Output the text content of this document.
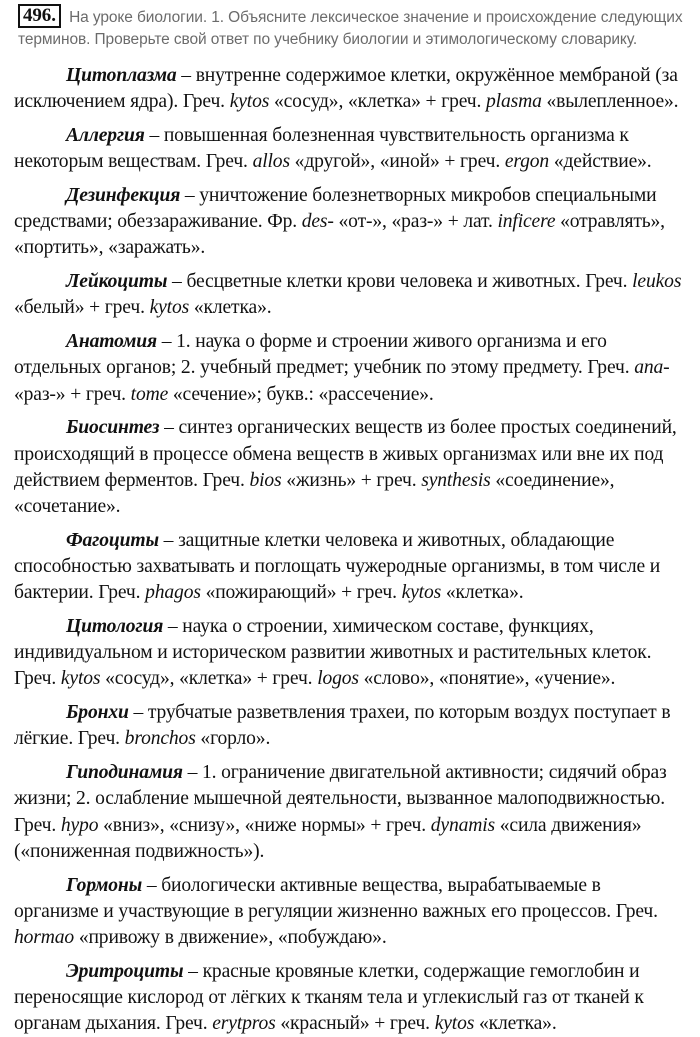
496. На уроке биологии. 1. Объясните лексическое значение и происхождение следующих терминов. Проверьте свой ответ по учебнику биологии и этимологическому словарику.

Цитоплазма – внутренне содержимое клетки, окружённое мембраной (за исключением ядра). Греч. kytos «сосуд», «клетка» + греч. plasma «вылепленное».

Аллергия – повышенная болезненная чувствительность организма к некоторым веществам. Греч. allos «другой», «иной» + греч. ergon «действие».

Дезинфекция – уничтожение болезнетворных микробов специальными средствами; обеззараживание. Фр. des- «от-», «раз-» + лат. inficere «отравлять», «портить», «заражать».

Лейкоциты – бесцветные клетки крови человека и животных. Греч. leukos «белый» + греч. kytos «клетка».

Анатомия – 1. наука о форме и строении живого организма и его отдельных органов; 2. учебный предмет; учебник по этому предмету. Греч. ana- «раз-» + греч. tome «сечение»; букв.: «рассечение».

Биосинтез – синтез органических веществ из более простых соединений, происходящий в процессе обмена веществ в живых организмах или вне их под действием ферментов. Греч. bios «жизнь» + греч. synthesis «соединение», «сочетание».

Фагоциты – защитные клетки человека и животных, обладающие способностью захватывать и поглощать чужеродные организмы, в том числе и бактерии. Греч. phagos «пожирающий» + греч. kytos «клетка».

Цитология – наука о строении, химическом составе, функциях, индивидуальном и историческом развитии животных и растительных клеток. Греч. kytos «сосуд», «клетка» + греч. logos «слово», «понятие», «учение».

Бронхи – трубчатые разветвления трахеи, по которым воздух поступает в лёгкие. Греч. bronchos «горло».

Гиподинамия – 1. ограничение двигательной активности; сидячий образ жизни; 2. ослабление мышечной деятельности, вызванное малоподвижностью. Греч. hypo «вниз», «снизу», «ниже нормы» + греч. dynamis «сила движения» («пониженная подвижность»).

Гормоны – биологически активные вещества, вырабатываемые в организме и участвующие в регуляции жизненно важных его процессов. Греч. hormao «привожу в движение», «побуждаю».

Эритроциты – красные кровяные клетки, содержащие гемоглобин и переносящие кислород от лёгких к тканям тела и углекислый газ от тканей к органам дыхания. Греч. erytpros «красный» + греч. kytos «клетка».
